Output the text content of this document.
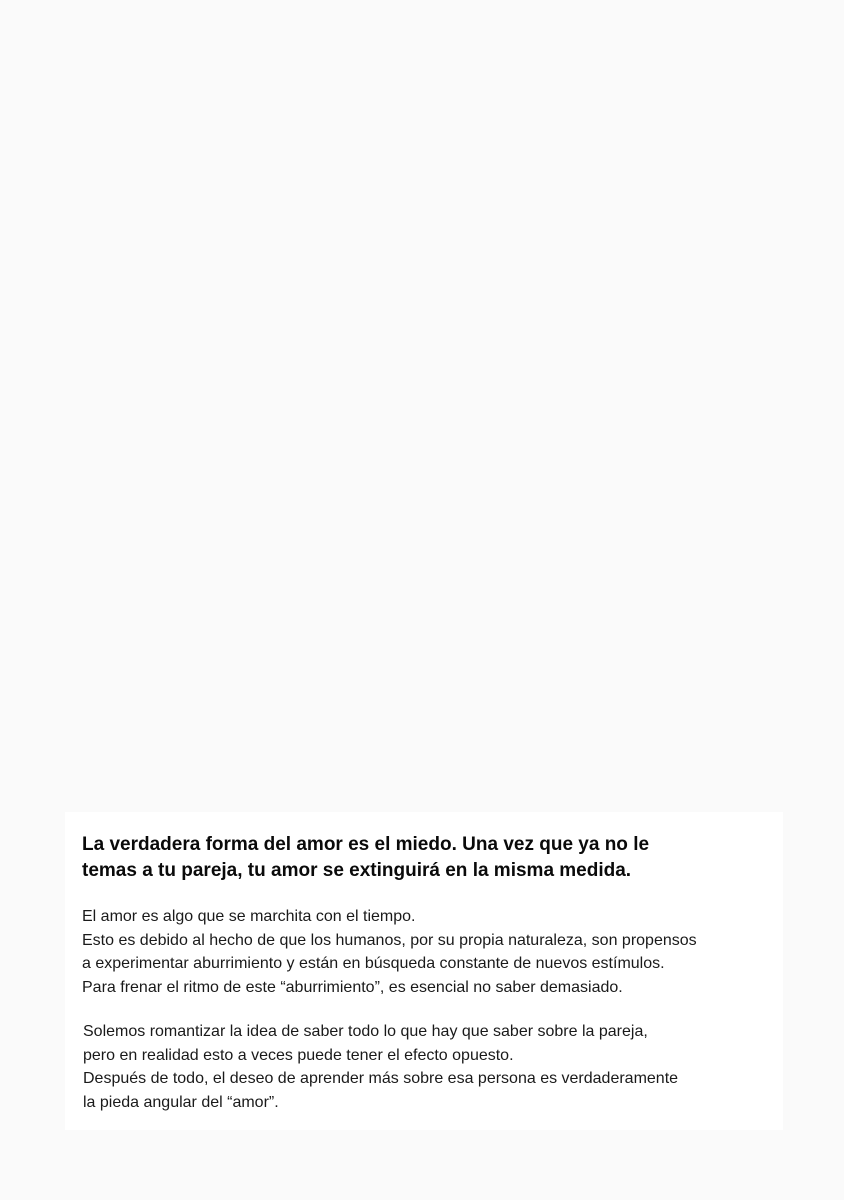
La verdadera forma del amor es el miedo. Una vez que ya no le
temas a tu pareja, tu amor se extinguirá en la misma medida.

El amor es algo que se marchita con el tiempo.
Esto es debido al hecho de que los humanos, por su propia naturaleza, son propensos
a experimentar aburrimiento y están en búsqueda constante de nuevos estímulos.
Para frenar el ritmo de este “aburrimiento”, es esencial no saber demasiado.

Solemos romantizar la idea de saber todo lo que hay que saber sobre la pareja,
pero en realidad esto a veces puede tener el efecto opuesto.
Después de todo, el deseo de aprender más sobre esa persona es verdaderamente
la pieda angular del “amor”.
